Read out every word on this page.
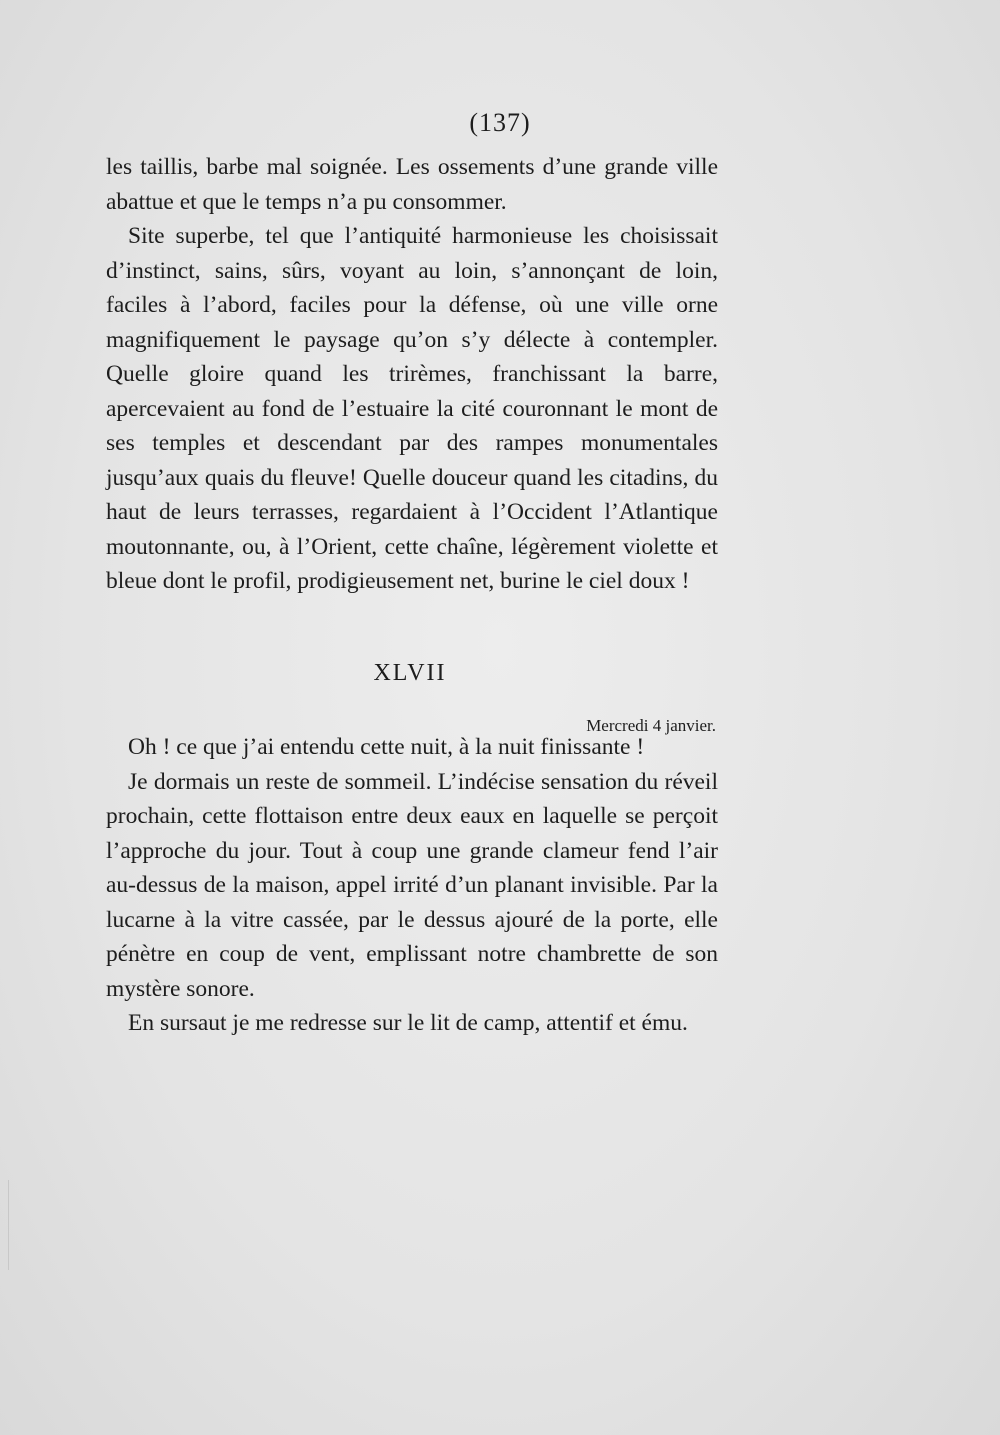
(137)

les taillis, barbe mal soignée. Les ossements d’une grande ville abattue et que le temps n’a pu consommer.

Site superbe, tel que l’antiquité harmonieuse les choisissait d’instinct, sains, sûrs, voyant au loin, s’annonçant de loin, faciles à l’abord, faciles pour la défense, où une ville orne magnifiquement le paysage qu’on s’y délecte à contempler. Quelle gloire quand les trirèmes, franchissant la barre, apercevaient au fond de l’estuaire la cité couronnant le mont de ses temples et descendant par des rampes monumentales jusqu’aux quais du fleuve! Quelle douceur quand les citadins, du haut de leurs terrasses, regardaient à l’Occident l’Atlantique moutonnante, ou, à l’Orient, cette chaîne, légèrement violette et bleue dont le profil, prodigieusement net, burine le ciel doux !

XLVII
Mercredi 4 janvier.

Oh ! ce que j’ai entendu cette nuit, à la nuit finissante !

Je dormais un reste de sommeil. L’indécise sensation du réveil prochain, cette flottaison entre deux eaux en laquelle se perçoit l’approche du jour. Tout à coup une grande clameur fend l’air au-dessus de la maison, appel irrité d’un planant invisible. Par la lucarne à la vitre cassée, par le dessus ajouré de la porte, elle pénètre en coup de vent, emplissant notre chambrette de son mystère sonore.

En sursaut je me redresse sur le lit de camp, attentif et ému.
